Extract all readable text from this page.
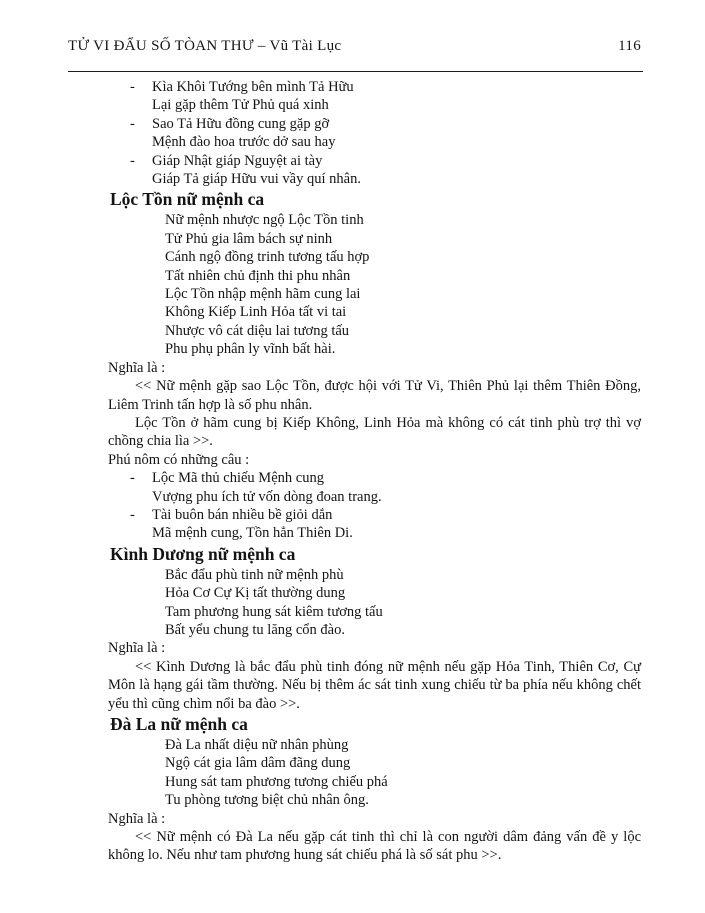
TỬ VI ĐẨU SỐ TÒAN THƯ – Vũ Tài Lục	116
-	Kìa Khôi Tướng bên mình Tả Hữu
Lại gặp thêm Tử Phủ quá xinh
-	Sao Tả Hữu đồng cung gặp gỡ
Mệnh đào hoa trước dở sau hay
-	Giáp Nhật giáp Nguyệt ai tày
Giáp Tả giáp Hữu vui vầy quí nhân.
Lộc Tồn nữ mệnh ca
Nữ mệnh nhược ngộ Lộc Tồn tinh
Tử Phủ gia lâm bách sự ninh
Cánh ngộ đồng trinh tương tấu hợp
Tất nhiên chủ định thi phu nhân
Lộc Tồn nhập mệnh hãm cung lai
Không Kiếp Linh Hỏa tất vi tai
Nhược vô cát diệu lai tương tấu
Phu phụ phân ly vĩnh bất hài.
Nghĩa là :

<< Nữ mệnh gặp sao Lộc Tồn, được hội với Tử Vi, Thiên Phủ lại thêm Thiên Đồng, Liêm Trinh tấn hợp là số phu nhân.

Lộc Tồn ở hãm cung bị Kiếp Không, Linh Hỏa mà không có cát tinh phù trợ thì vợ chồng chia lìa >>.

Phú nôm có những câu :
-	Lộc Mã thủ chiếu Mệnh cung
Vượng phu ích tử vốn dòng đoan trang.
-	Tài buôn bán nhiều bề giỏi dắn
Mã mệnh cung, Tồn hẳn Thiên Di.
Kình Dương nữ mệnh ca
Bắc đẩu phù tinh nữ mệnh phù
Hỏa Cơ Cự Kị tất thường dung
Tam phương hung sát kiêm tương tấu
Bất yểu chung tu lăng cổn đào.
Nghĩa là :

<< Kình Dương là bắc đẩu phù tinh đóng nữ mệnh nếu gặp Hỏa Tinh, Thiên Cơ, Cự Môn là hạng gái tầm thường. Nếu bị thêm ác sát tinh xung chiếu từ ba phía nếu không chết yểu thì cũng chìm nổi ba đào >>.

Đà La nữ mệnh ca
Đà La nhất diệu nữ nhân phùng
Ngộ cát gia lâm dâm đãng dung
Hung sát tam phương tương chiếu phá
Tu phòng tương biệt chủ nhân ông.
Nghĩa là :

<< Nữ mệnh có Đà La nếu gặp cát tinh thì chỉ là con người dâm đảng vấn đề y lộc không lo. Nếu như tam phương hung sát chiếu phá là số sát phu >>.
